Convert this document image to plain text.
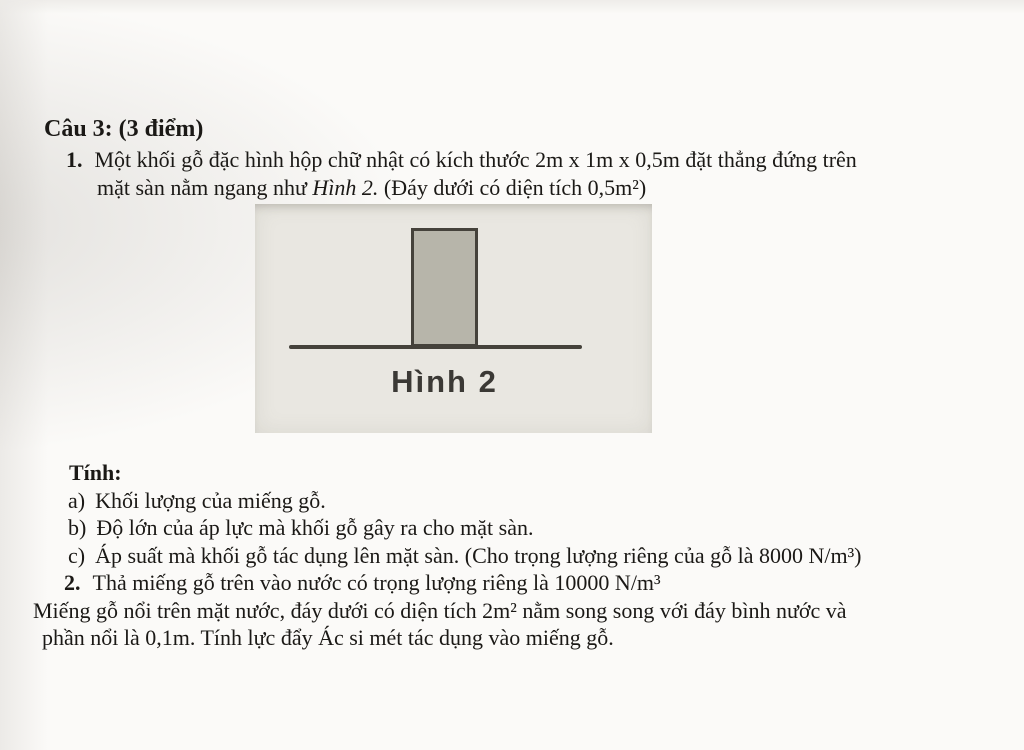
Câu 3: (3 điểm)
1. Một khối gỗ đặc hình hộp chữ nhật có kích thước 2m x 1m x 0,5m đặt thẳng đứng trên
mặt sàn nằm ngang như Hình 2. (Đáy dưới có diện tích 0,5m²)
Hình 2
Tính:
a) Khối lượng của miếng gỗ.
b) Độ lớn của áp lực mà khối gỗ gây ra cho mặt sàn.
c) Áp suất mà khối gỗ tác dụng lên mặt sàn. (Cho trọng lượng riêng của gỗ là 8000 N/m³)
2. Thả miếng gỗ trên vào nước có trọng lượng riêng là 10000 N/m³
Miếng gỗ nổi trên mặt nước, đáy dưới có diện tích 2m² nằm song song với đáy bình nước và
phần nổi là 0,1m. Tính lực đẩy Ác si mét tác dụng vào miếng gỗ.
